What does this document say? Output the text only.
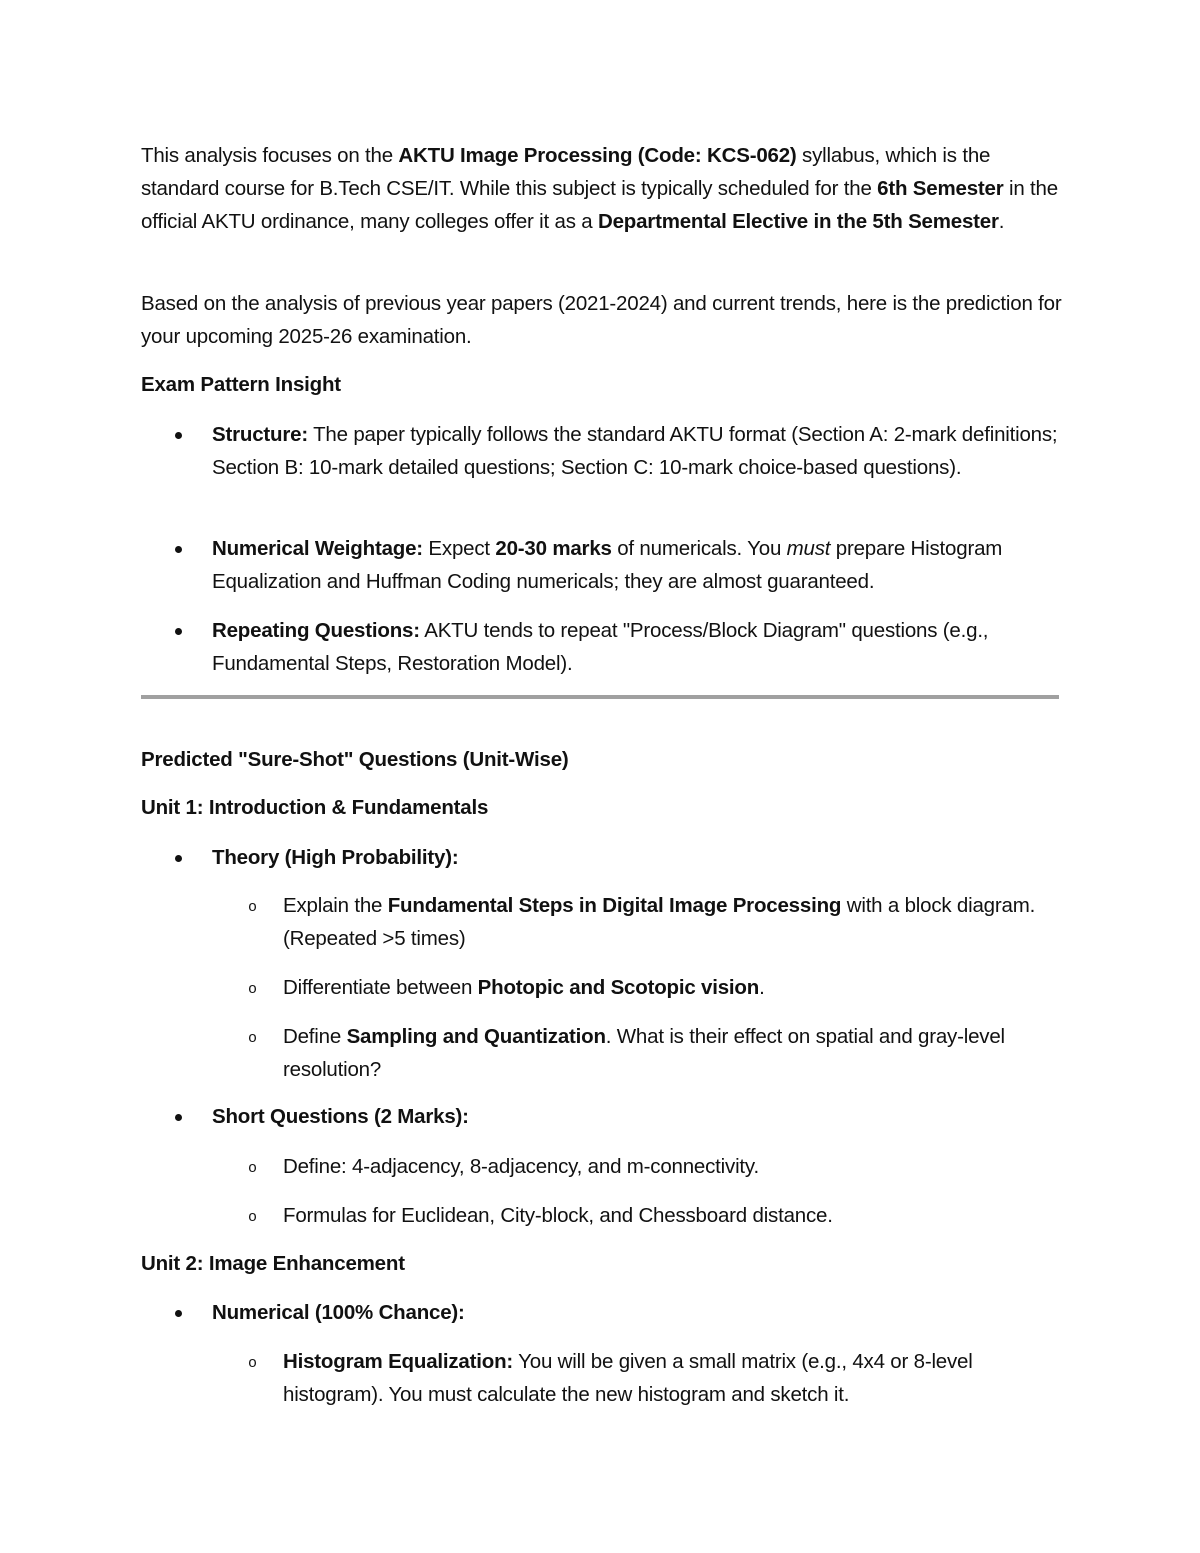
This analysis focuses on the AKTU Image Processing (Code: KCS-062) syllabus, which is the standard course for B.Tech CSE/IT. While this subject is typically scheduled for the 6th Semester in the official AKTU ordinance, many colleges offer it as a Departmental Elective in the 5th Semester.

Based on the analysis of previous year papers (2021-2024) and current trends, here is the prediction for your upcoming 2025-26 examination.

Exam Pattern Insight

Structure: The paper typically follows the standard AKTU format (Section A: 2-mark definitions; Section B: 10-mark detailed questions; Section C: 10-mark choice-based questions).

Numerical Weightage: Expect 20-30 marks of numericals. You must prepare Histogram Equalization and Huffman Coding numericals; they are almost guaranteed.

Repeating Questions: AKTU tends to repeat "Process/Block Diagram" questions (e.g., Fundamental Steps, Restoration Model).

Predicted "Sure-Shot" Questions (Unit-Wise)
Unit 1: Introduction & Fundamentals

Theory (High Probability):

o Explain the Fundamental Steps in Digital Image Processing with a block diagram. (Repeated >5 times)

o Differentiate between Photopic and Scotopic vision.

o Define Sampling and Quantization. What is their effect on spatial and gray-level resolution?

Short Questions (2 Marks):

o Define: 4-adjacency, 8-adjacency, and m-connectivity.

o Formulas for Euclidean, City-block, and Chessboard distance.

Unit 2: Image Enhancement

Numerical (100% Chance):

o Histogram Equalization: You will be given a small matrix (e.g., 4x4 or 8-level histogram). You must calculate the new histogram and sketch it.
